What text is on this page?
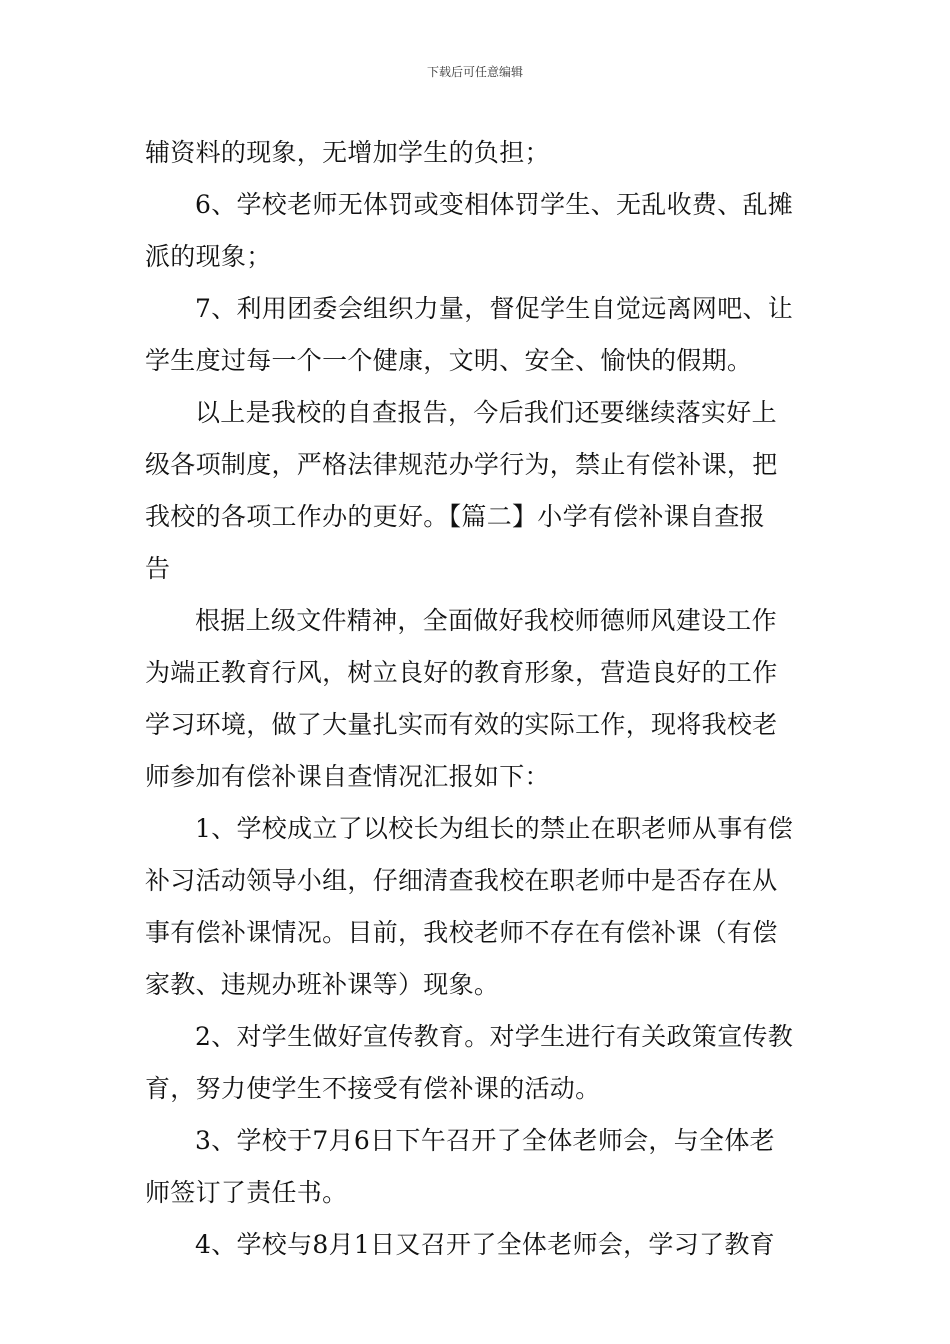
下载后可任意编辑
辅资料的现象，无增加学生的负担；
6、学校老师无体罚或变相体罚学生、无乱收费、乱摊
派的现象；
7、利用团委会组织力量，督促学生自觉远离网吧、让
学生度过每一个一个健康，文明、安全、愉快的假期。
以上是我校的自查报告，今后我们还要继续落实好上
级各项制度，严格法律规范办学行为，禁止有偿补课，把
我校的各项工作办的更好。【篇二】小学有偿补课自查报
告
根据上级文件精神，全面做好我校师德师风建设工作
为端正教育行风，树立良好的教育形象，营造良好的工作
学习环境，做了大量扎实而有效的实际工作，现将我校老
师参加有偿补课自查情况汇报如下：
1、学校成立了以校长为组长的禁止在职老师从事有偿
补习活动领导小组，仔细清查我校在职老师中是否存在从
事有偿补课情况。目前，我校老师不存在有偿补课（有偿
家教、违规办班补课等）现象。
2、对学生做好宣传教育。对学生进行有关政策宣传教
育，努力使学生不接受有偿补课的活动。
3、学校于7月6日下午召开了全体老师会，与全体老
师签订了责任书。
4、学校与8月1日又召开了全体老师会，学习了教育
